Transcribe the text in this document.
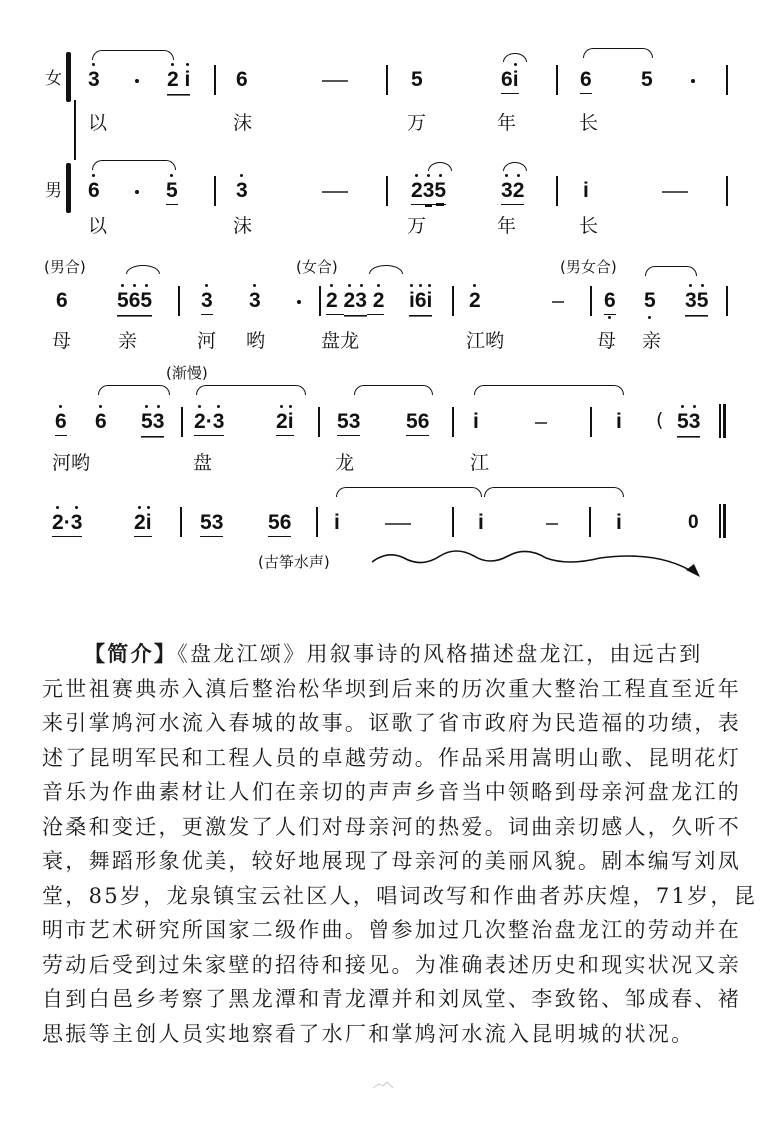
女
男
3	2 i 6	5	6i	6 5
以	沫	万	年	长
6	5	3	235	32	i
以	沫	万	年	长
(男合)	(女合)	(男女合)
6 565 3 3	2 23 2 i6i 2	6 5 35
母 亲	河 哟	盘龙	江哟	母 亲
(渐慢)
6 6 53 2·3 2i 53 56 i	i ( 53
河哟	盘	龙	江
2·3 2i 53 56 i	i	i	0
(古筝水声)
【简介】《盘龙江颂》用叙事诗的风格描述盘龙江，由远古到
元世祖赛典赤入滇后整治松华坝到后来的历次重大整治工程直至近年
来引掌鸠河水流入春城的故事。讴歌了省市政府为民造福的功绩，表
述了昆明军民和工程人员的卓越劳动。作品采用嵩明山歌、昆明花灯
音乐为作曲素材让人们在亲切的声声乡音当中领略到母亲河盘龙江的
沧桑和变迁，更激发了人们对母亲河的热爱。词曲亲切感人，久听不
衰，舞蹈形象优美，较好地展现了母亲河的美丽风貌。剧本编写刘凤
堂，85岁，龙泉镇宝云社区人，唱词改写和作曲者苏庆煌，71岁，昆
明市艺术研究所国家二级作曲。曾参加过几次整治盘龙江的劳动并在
劳动后受到过朱家壁的招待和接见。为准确表述历史和现实状况又亲
自到白邑乡考察了黑龙潭和青龙潭并和刘凤堂、李致铭、邹成春、褚
思振等主创人员实地察看了水厂和掌鸠河水流入昆明城的状况。
